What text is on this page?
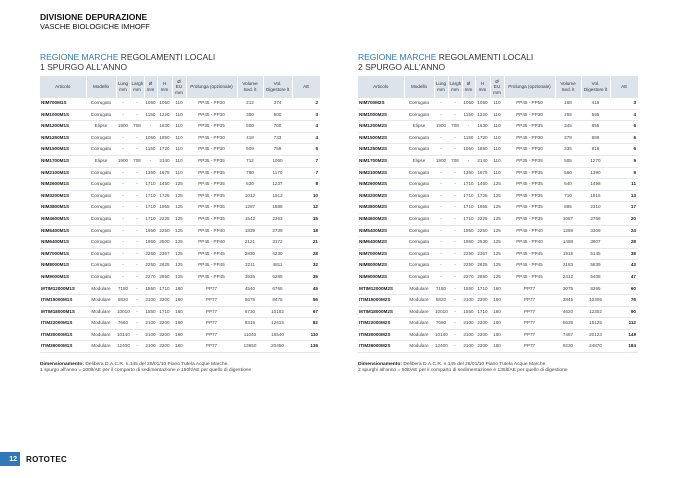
DIVISIONE DEPURAZIONE
VASCHE BIOLOGICHE IMHOFF
REGIONE MARCHE REGOLAMENTI LOCALI
1 SPURGO ALL'ANNO
Articolo	Modello	Lung mm	Largh mm	Ø mm	H mm	Ø EU mm	Prolunga (opzionale)	Volume Sed. lt	Vol. Digestore lt	AE
NIM700M1S	Corrugato	-	-	1050	1050	110	PP45 - PP30	212	374	2
NIM1000M1S	Corrugato	-	-	1150	1220	110	PP45 - PP30	350	500	3
NIM1200M1S	Elipse	1900	708	-	1630	110	PP35 - PP35	500	700	4
NIM1250M1S	Corrugato	-	-	1050	1850	110	PP45 - PP30	418	733	4
NIM1500M1S	Corrugato	-	-	1150	1720	110	PP45 - PP30	509	759	5
NIM1700M1S	Elipse	1900	708	-	2140	110	PP35 - PP35	712	1060	7
NIM2100M1S	Corrugato	-	-	1350	1675	110	PP45 - PP35	780	1170	7
NIM2600M1S	Corrugato	-	-	1710	1450	125	PP45 - PP35	830	1237	8
NIM3200M1S	Corrugato	-	-	1710	1725	125	PP45 - PP35	1012	1513	10
NIM3800M1S	Corrugato	-	-	1710	1955	125	PP45 - PP35	1287	1888	12
NIM4600M1S	Corrugato	-	-	1710	2225	125	PP45 - PP35	1542	2263	15
NIM5400M1S	Corrugato	-	-	1950	2250	125	PP45 - PP40	1839	2739	18
NIM6400M1S	Corrugato	-	-	1950	2500	125	PP45 - PP40	2121	3172	21
NIM7000M1S	Corrugato	-	-	2250	2367	125	PP45 - PP45	2830	4230	28
NIM8000M1S	Corrugato	-	-	2250	2625	125	PP45 - PP45	3211	4811	32
NIM9000M1S	Corrugato	-	-	2270	2850	125	PP45 - PP45	3535	5285	35
MTIM12000M1S	Modulare	7180	-	1550	1710	160	PP77	4540	6766	45
ITIM15000M1S	Modulare	5820	-	2100	2200	160	PP77	5675	8475	56
MTIM18000M1S	Modulare	10010	-	1550	1710	160	PP77	6730	10182	67
ITIM22000M1S	Modulare	7660	-	2100	2200	160	PP77	8315	12415	82
ITIM30000M1S	Modulare	10140	-	2100	2200	160	PP77	11040	16540	110
ITIM36000M1S	Modulare	12400	-	2100	2200	160	PP77	13650	20450	136
Dimensionamento: Delibera D.A.C.R. n.145 del 26/01/10 Piano Tutela Acque Marche.
1 spurgo all'anno = 100lt/AE per il comparto di sedimentazione e 150lt/AE per quello di digestione
REGIONE MARCHE REGOLAMENTI LOCALI
2 SPURGO ALL'ANNO
Articolo	Modello	Lung mm	Largh mm	Ø mm	H mm	Ø EU mm	Prolunga (opzionale)	Volume Sed. lt	Vol. Digestore lt	AE
NIM700M2S	Corrugato	-	-	1050	1050	110	PP45 - PP50	168	418	3
NIM1000M2S	Corrugato	-	-	1150	1220	110	PP45 - PP30	255	595	4
NIM1200M2S	Elipse	1900	708	-	1630	110	PP35 - PP35	345	855	6
NIM1500M2S	Corrugato	-	-	1150	1720	110	PP45 - PP30	379	889	6
NIM1250M2S	Corrugato	-	-	1050	1850	110	PP45 - PP30	335	818	6
NIM1700M2S	Elipse	1900	708	-	2140	110	PP35 - PP35	505	1270	9
NIM2100M2S	Corrugato	-	-	1350	1675	110	PP45 - PP35	560	1390	9
NIM2600M2S	Corrugato	-	-	1710	1450	125	PP45 - PP35	640	1498	11
NIM3200M2S	Corrugato	-	-	1710	1725	125	PP45 - PP35	710	1815	13
NIM3800M2S	Corrugato	-	-	1710	1955	125	PP45 - PP35	895	2310	17
NIM4600M2S	Corrugato	-	-	1710	2225	125	PP45 - PP35	1087	2768	20
NIM5400M2S	Corrugato	-	-	1950	2250	125	PP45 - PP40	1289	3309	24
NIM6400M2S	Corrugato	-	-	1950	2530	125	PP45 - PP40	1498	3807	28
NIM7000M2S	Corrugato	-	-	2250	2367	125	PP45 - PP45	1915	5145	38
NIM8000M2S	Corrugato	-	-	2250	2625	125	PP45 - PP45	2183	5839	43
NIM9000M2S	Corrugato	-	-	2270	2850	125	PP45 - PP45	2412	6408	47
MTIM12000M2S	Modulare	7180	-	1550	1710	160	PP77	3075	8265	60
ITIM15000M2S	Modulare	5820	-	2100	2200	160	PP77	3845	10305	76
MTIM18000M2S	Modulare	10010	-	1550	1710	160	PP77	4620	12302	90
ITIM22000M2S	Modulare	7660	-	2100	2200	160	PP77	5635	15125	112
ITIM30000M2S	Modulare	10140	-	2100	2200	160	PP77	7487	20123	149
ITIM36000M2S	Modulare	12400	-	2100	2200	160	PP77	9230	24870	184
Dimensionamento: Delibera D.A.C.R. n.145 del 26/01/10 Piano Tutela Acque Marche.
2 spurghi all'anno = 50lt/AE per il comparto di sedimentazione e 135lt/AE per quello di digestione
12	ROTOTEC
